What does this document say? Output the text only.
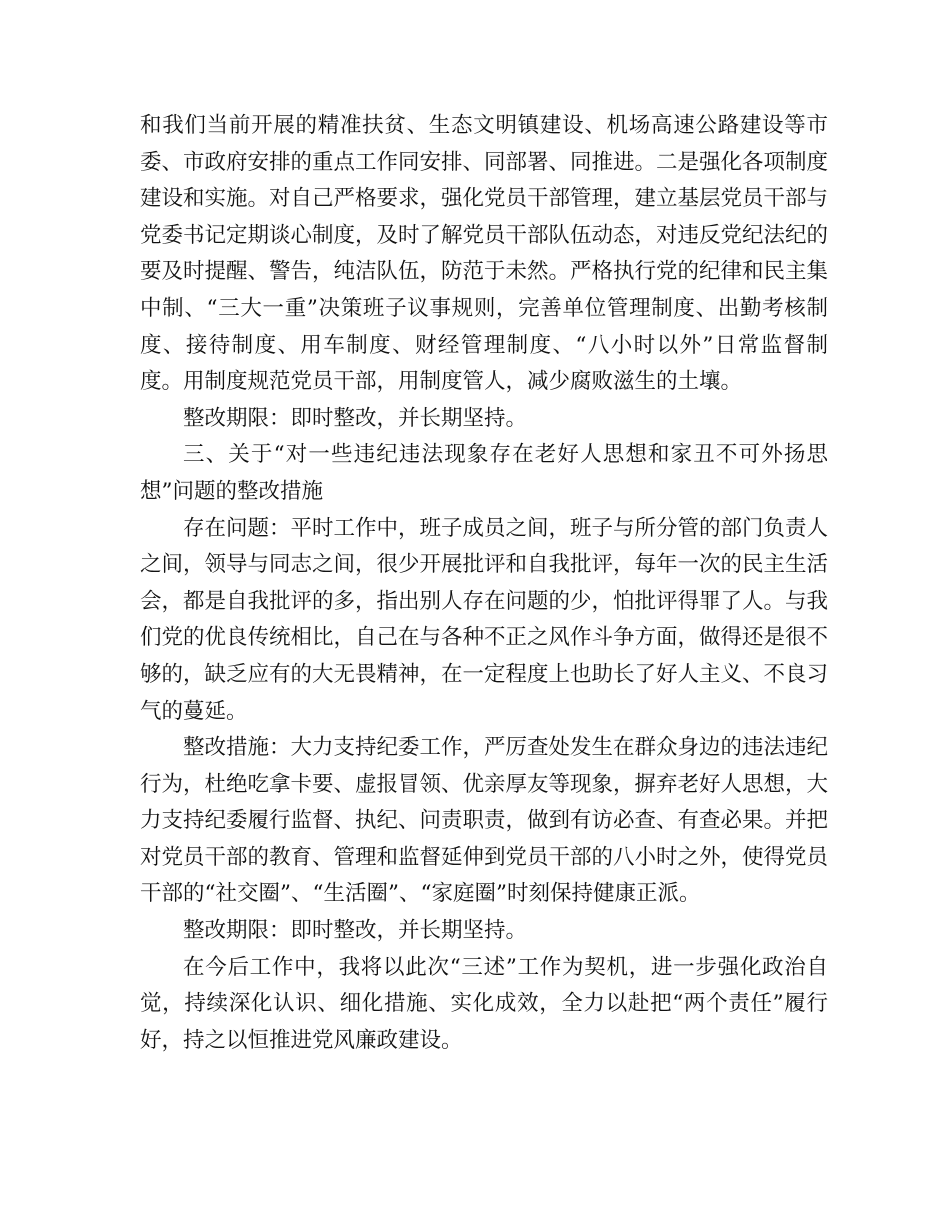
和我们当前开展的精准扶贫、生态文明镇建设、机场高速公路建设等市委、市政府安排的重点工作同安排、同部署、同推进。二是强化各项制度建设和实施。对自己严格要求，强化党员干部管理，建立基层党员干部与党委书记定期谈心制度，及时了解党员干部队伍动态，对违反党纪法纪的要及时提醒、警告，纯洁队伍，防范于未然。严格执行党的纪律和民主集中制、“三大一重”决策班子议事规则，完善单位管理制度、出勤考核制度、接待制度、用车制度、财经管理制度、“八小时以外”日常监督制度。用制度规范党员干部，用制度管人，减少腐败滋生的土壤。

整改期限：即时整改，并长期坚持。

三、关于“对一些违纪违法现象存在老好人思想和家丑不可外扬思想”问题的整改措施

存在问题：平时工作中，班子成员之间，班子与所分管的部门负责人之间，领导与同志之间，很少开展批评和自我批评，每年一次的民主生活会，都是自我批评的多，指出别人存在问题的少，怕批评得罪了人。与我们党的优良传统相比，自己在与各种不正之风作斗争方面，做得还是很不够的，缺乏应有的大无畏精神，在一定程度上也助长了好人主义、不良习气的蔓延。

整改措施：大力支持纪委工作，严厉查处发生在群众身边的违法违纪行为，杜绝吃拿卡要、虚报冒领、优亲厚友等现象，摒弃老好人思想，大力支持纪委履行监督、执纪、问责职责，做到有访必查、有查必果。并把对党员干部的教育、管理和监督延伸到党员干部的八小时之外，使得党员干部的“社交圈”、“生活圈”、“家庭圈”时刻保持健康正派。

整改期限：即时整改，并长期坚持。

在今后工作中，我将以此次“三述”工作为契机，进一步强化政治自觉，持续深化认识、细化措施、实化成效，全力以赴把“两个责任”履行好，持之以恒推进党风廉政建设。
